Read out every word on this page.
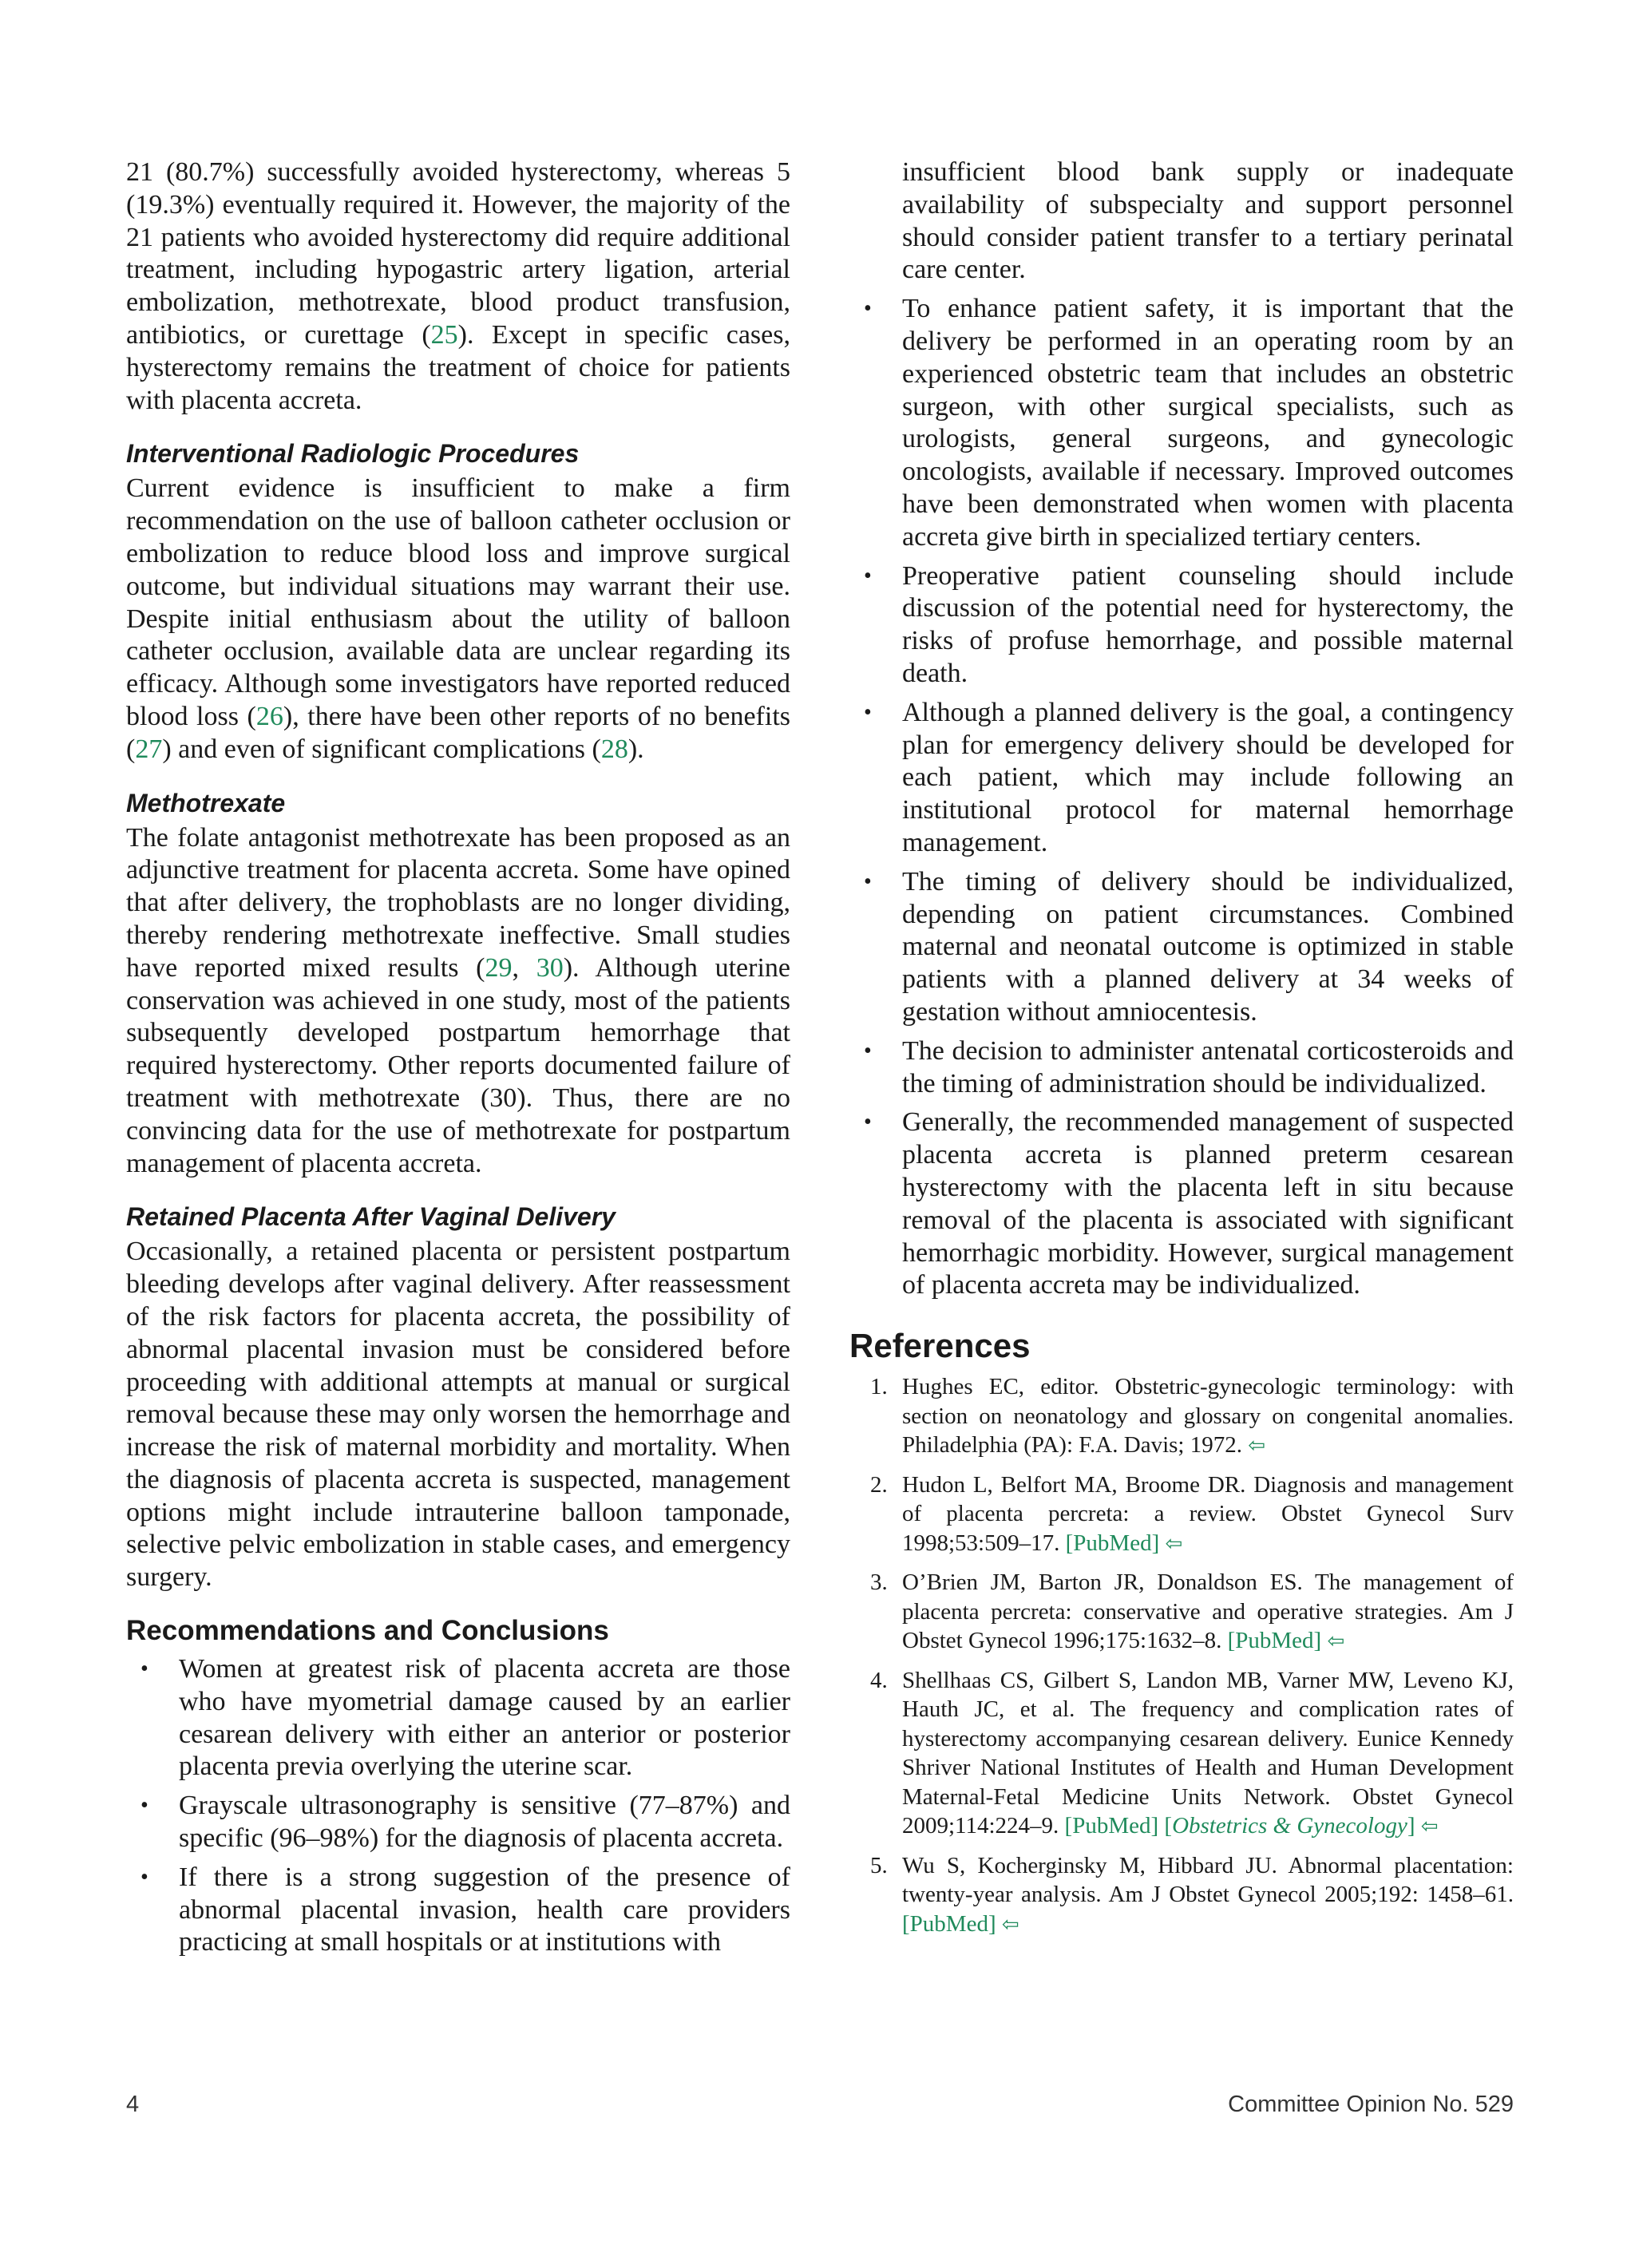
21 (80.7%) successfully avoided hysterectomy, whereas 5 (19.3%) eventually required it. However, the majority of the 21 patients who avoided hysterectomy did require additional treatment, including hypogastric artery ligation, arterial embolization, methotrexate, blood product transfusion, antibiotics, or curettage (25). Except in specific cases, hysterectomy remains the treatment of choice for patients with placenta accreta.

Interventional Radiologic Procedures

Current evidence is insufficient to make a firm recommendation on the use of balloon catheter occlusion or embolization to reduce blood loss and improve surgical outcome, but individual situations may warrant their use. Despite initial enthusiasm about the utility of balloon catheter occlusion, available data are unclear regarding its efficacy. Although some investigators have reported reduced blood loss (26), there have been other reports of no benefits (27) and even of significant complications (28).

Methotrexate

The folate antagonist methotrexate has been proposed as an adjunctive treatment for placenta accreta. Some have opined that after delivery, the trophoblasts are no longer dividing, thereby rendering methotrexate ineffective. Small studies have reported mixed results (29, 30). Although uterine conservation was achieved in one study, most of the patients subsequently developed postpartum hemorrhage that required hysterectomy. Other reports documented failure of treatment with methotrexate (30). Thus, there are no convincing data for the use of methotrexate for postpartum management of placenta accreta.

Retained Placenta After Vaginal Delivery

Occasionally, a retained placenta or persistent postpartum bleeding develops after vaginal delivery. After reassessment of the risk factors for placenta accreta, the possibility of abnormal placental invasion must be considered before proceeding with additional attempts at manual or surgical removal because these may only worsen the hemorrhage and increase the risk of maternal morbidity and mortality. When the diagnosis of placenta accreta is suspected, management options might include intrauterine balloon tamponade, selective pelvic embolization in stable cases, and emergency surgery.

Recommendations and Conclusions
• Women at greatest risk of placenta accreta are those who have myometrial damage caused by an earlier cesarean delivery with either an anterior or posterior placenta previa overlying the uterine scar.
• Grayscale ultrasonography is sensitive (77–87%) and specific (96–98%) for the diagnosis of placenta accreta.
• If there is a strong suggestion of the presence of abnormal placental invasion, health care providers practicing at small hospitals or at institutions with
insufficient blood bank supply or inadequate availability of subspecialty and support personnel should consider patient transfer to a tertiary perinatal care center.
• To enhance patient safety, it is important that the delivery be performed in an operating room by an experienced obstetric team that includes an obstetric surgeon, with other surgical specialists, such as urologists, general surgeons, and gynecologic oncologists, available if necessary. Improved outcomes have been demonstrated when women with placenta accreta give birth in specialized tertiary centers.
• Preoperative patient counseling should include discussion of the potential need for hysterectomy, the risks of profuse hemorrhage, and possible maternal death.
• Although a planned delivery is the goal, a contingency plan for emergency delivery should be developed for each patient, which may include following an institutional protocol for maternal hemorrhage management.
• The timing of delivery should be individualized, depending on patient circumstances. Combined maternal and neonatal outcome is optimized in stable patients with a planned delivery at 34 weeks of gestation without amniocentesis.
• The decision to administer antenatal corticosteroids and the timing of administration should be individualized.
• Generally, the recommended management of suspected placenta accreta is planned preterm cesarean hysterectomy with the placenta left in situ because removal of the placenta is associated with significant hemorrhagic morbidity. However, surgical management of placenta accreta may be individualized.
References
1. Hughes EC, editor. Obstetric-gynecologic terminology: with section on neonatology and glossary on congenital anomalies. Philadelphia (PA): F.A. Davis; 1972. ⇦
2. Hudon L, Belfort MA, Broome DR. Diagnosis and management of placenta percreta: a review. Obstet Gynecol Surv 1998;53:509–17. [PubMed] ⇦
3. O’Brien JM, Barton JR, Donaldson ES. The management of placenta percreta: conservative and operative strategies. Am J Obstet Gynecol 1996;175:1632–8. [PubMed] ⇦
4. Shellhaas CS, Gilbert S, Landon MB, Varner MW, Leveno KJ, Hauth JC, et al. The frequency and complication rates of hysterectomy accompanying cesarean delivery. Eunice Kennedy Shriver National Institutes of Health and Human Development Maternal-Fetal Medicine Units Network. Obstet Gynecol 2009;114:224–9. [PubMed] [Obstetrics & Gynecology] ⇦
5. Wu S, Kocherginsky M, Hibbard JU. Abnormal placentation: twenty-year analysis. Am J Obstet Gynecol 2005;192: 1458–61. [PubMed] ⇦
4	Committee Opinion No. 529
